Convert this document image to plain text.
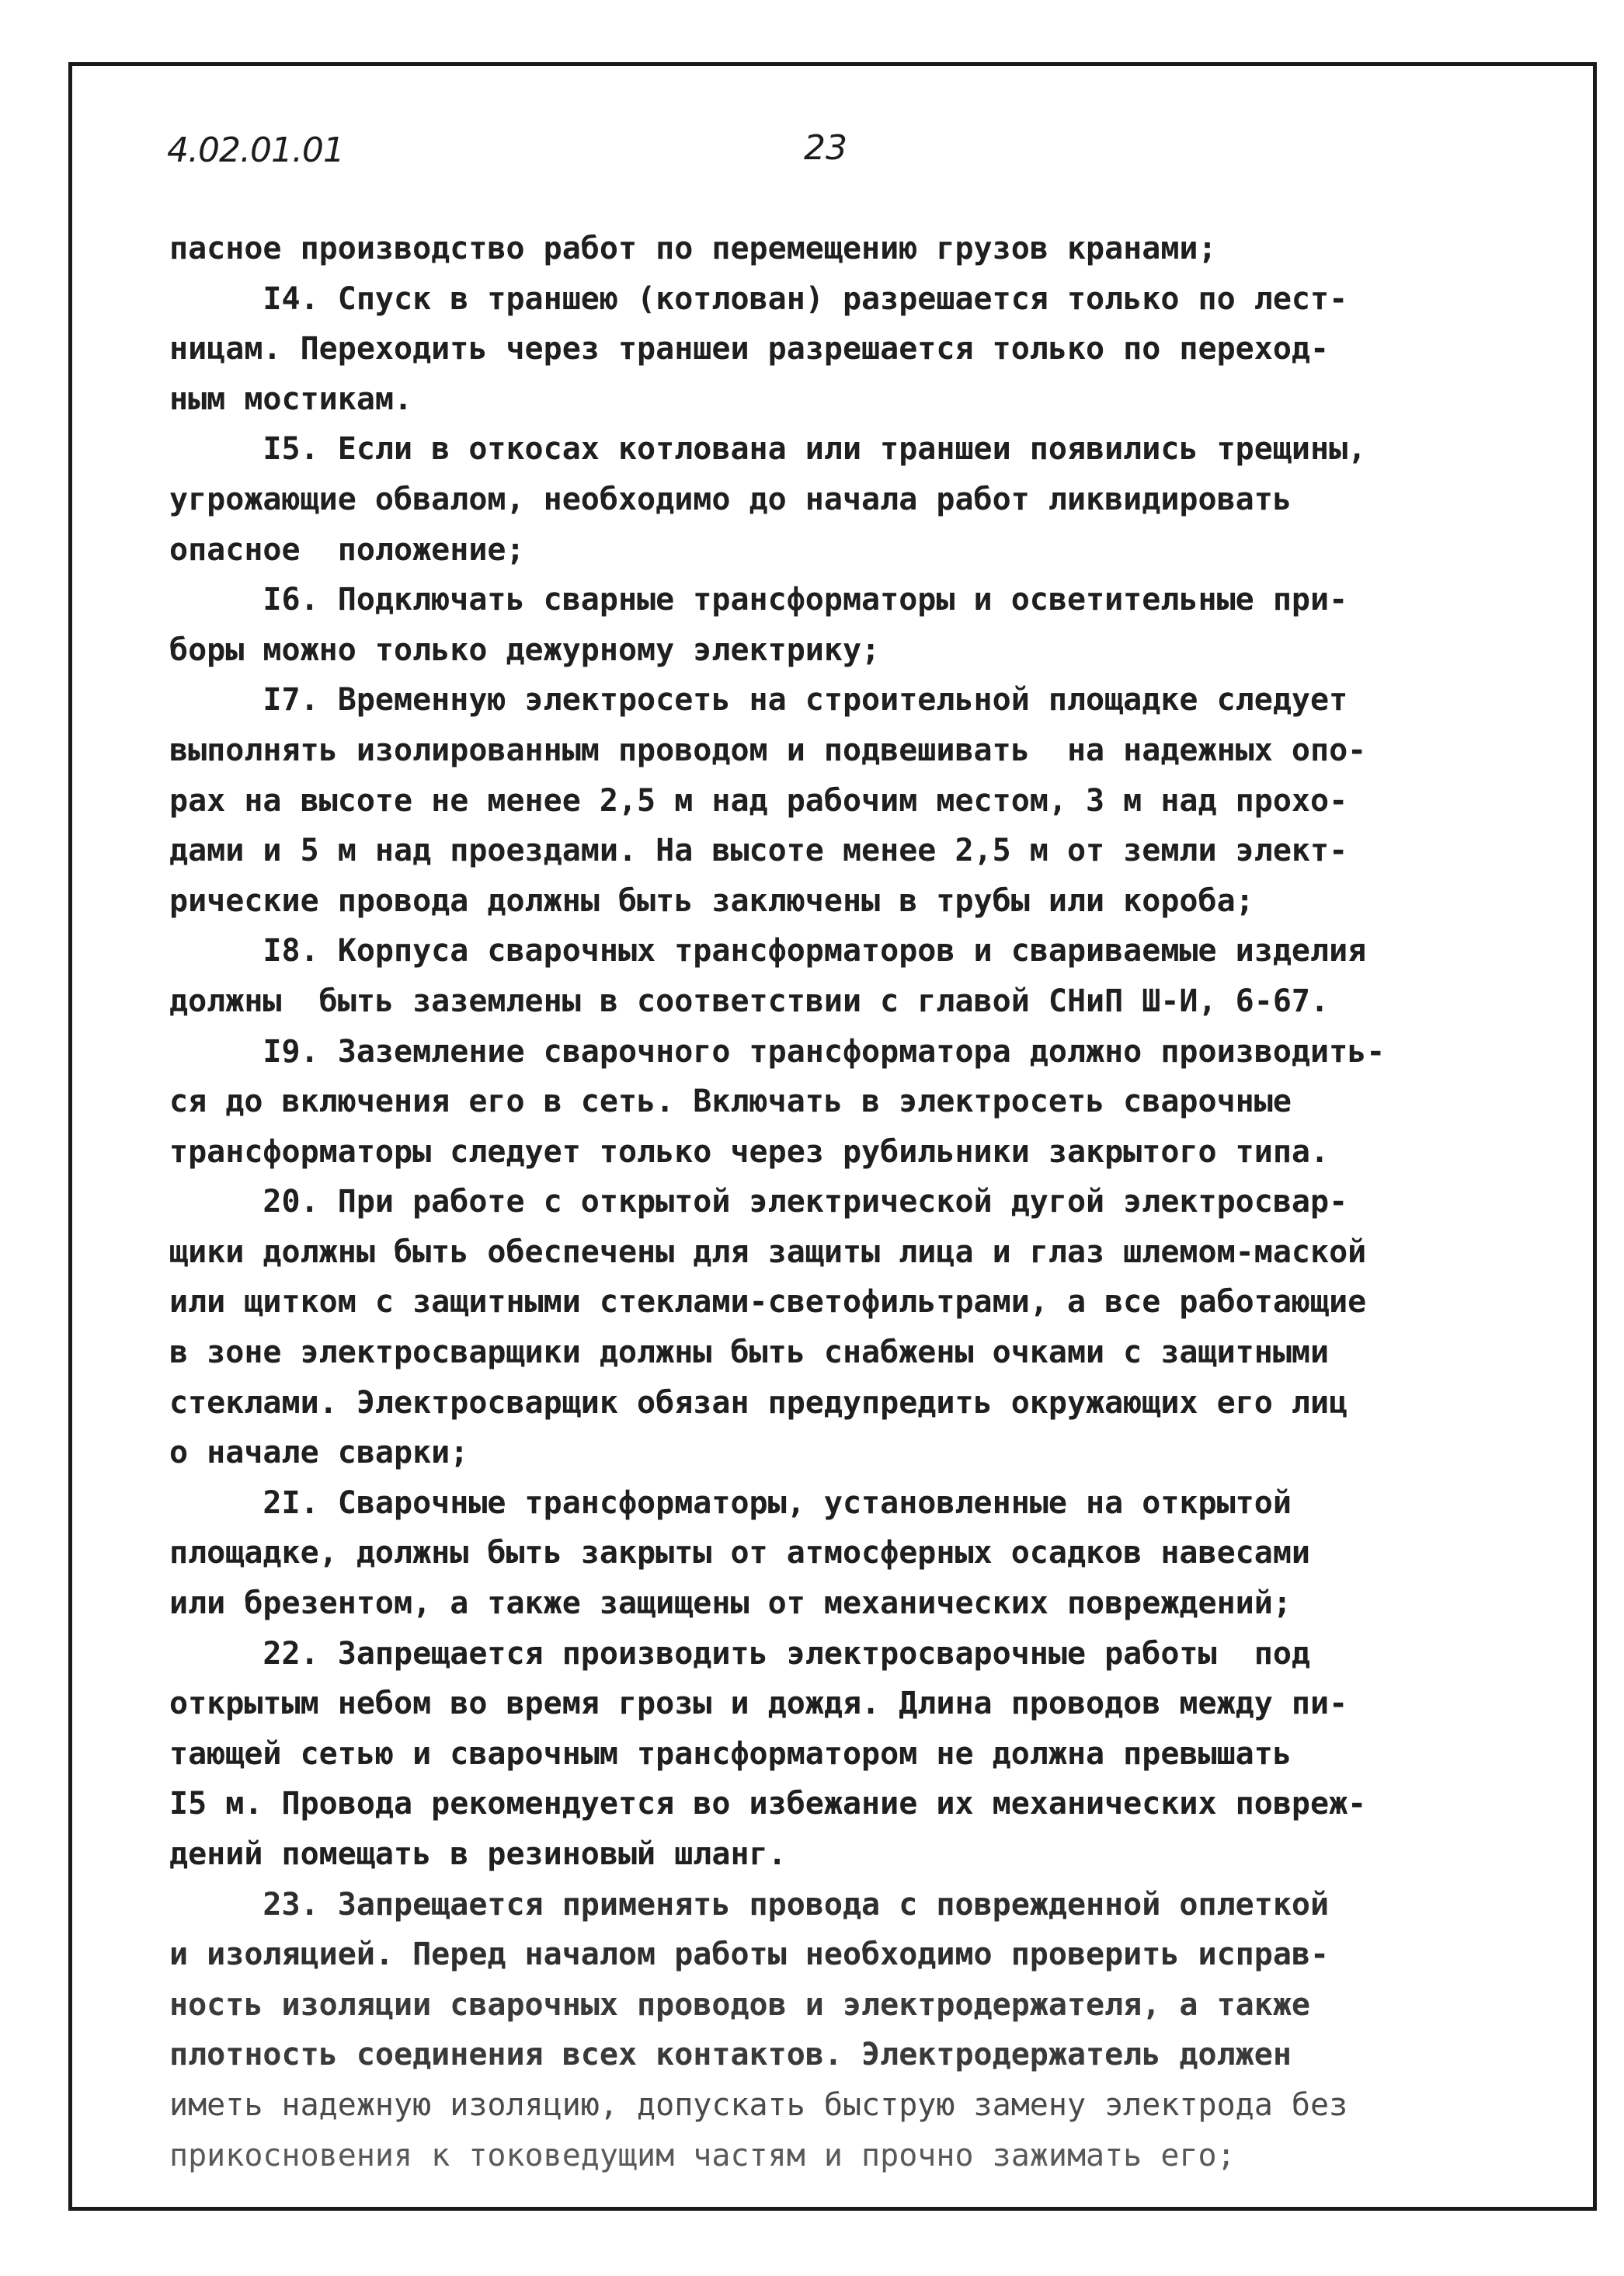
4.02.01.01	23
пасное производство работ по перемещению грузов кранами;
I4. Спуск в траншею (котлован) разрешается только по лест-
ницам. Переходить через траншеи разрешается только по переход-
ным мостикам.
I5. Если в откосах котлована или траншеи появились трещины,
угрожающие обвалом, необходимо до начала работ ликвидировать
опасное  положение;
I6. Подключать сварные трансформаторы и осветительные при-
боры можно только дежурному электрику;
I7. Временную электросеть на строительной площадке следует
выполнять изолированным проводом и подвешивать  на надежных опо-
рах на высоте не менее 2,5 м над рабочим местом, 3 м над прохо-
дами и 5 м над проездами. На высоте менее 2,5 м от земли элект-
рические провода должны быть заключены в трубы или короба;
I8. Корпуса сварочных трансформаторов и свариваемые изделия
должны  быть заземлены в соответствии с главой СНиП Ш-И, 6-67.
I9. Заземление сварочного трансформатора должно производить-
ся до включения его в сеть. Включать в электросеть сварочные
трансформаторы следует только через рубильники закрытого типа.
20. При работе с открытой электрической дугой электросвар-
щики должны быть обеспечены для защиты лица и глаз шлемом-маской
или щитком с защитными стеклами-светофильтрами, а все работающие
в зоне электросварщики должны быть снабжены очками с защитными
стеклами. Электросварщик обязан предупредить окружающих его лиц
о начале сварки;
2I. Сварочные трансформаторы, установленные на открытой
площадке, должны быть закрыты от атмосферных осадков навесами
или брезентом, а также защищены от механических повреждений;
22. Запрещается производить электросварочные работы  под
открытым небом во время грозы и дождя. Длина проводов между пи-
тающей сетью и сварочным трансформатором не должна превышать
I5 м. Провода рекомендуется во избежание их механических повреж-
дений помещать в резиновый шланг.
23. Запрещается применять провода с поврежденной оплеткой
и изоляцией. Перед началом работы необходимо проверить исправ-
ность изоляции сварочных проводов и электродержателя, а также
плотность соединения всех контактов. Электродержатель должен
иметь надежную изоляцию, допускать быструю замену электрода без
прикосновения к токоведущим частям и прочно зажимать его;
